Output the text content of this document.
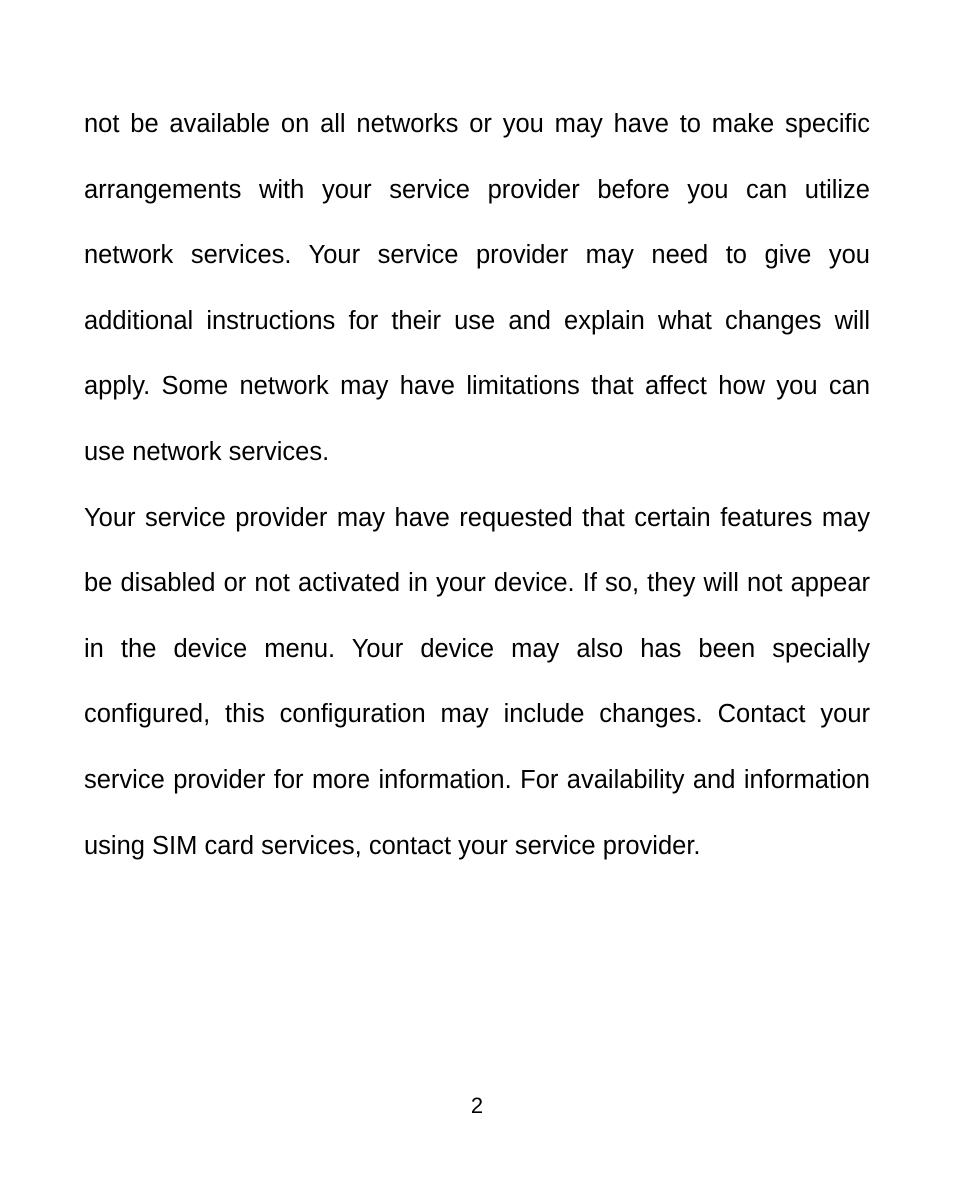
not be available on all networks or you may have to make specific arrangements with your service provider before you can utilize network services. Your service provider may need to give you additional instructions for their use and explain what changes will apply. Some network may have limitations that affect how you can use network services.

Your service provider may have requested that certain features may be disabled or not activated in your device. If so, they will not appear in the device menu. Your device may also has been specially configured, this configuration may include changes. Contact your service provider for more information. For availability and information using SIM card services, contact your service provider.

2
